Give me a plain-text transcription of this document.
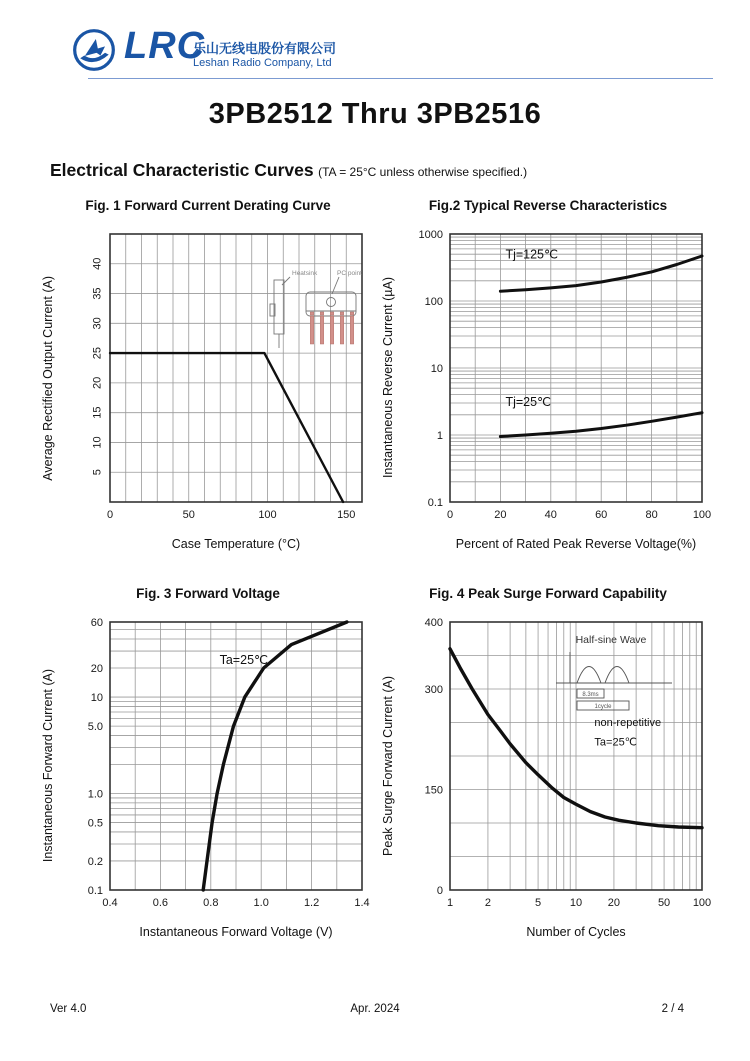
LRC
乐山无线电股份有限公司
Leshan Radio Company, Ltd
3PB2512 Thru 3PB2516
Electrical Characteristic Curves (TA = 25°C unless otherwise specified.)
Fig. 1 Forward Current Derating Curve
Average Rectified Output Current (A)
0	50	100	150
5
10
15
20
25
30
35
40
Heatsink	PC point
Case Temperature (°C)
Fig.2 Typical Reverse Characteristics
Instantaneous Reverse Current (µA)
0	20	40	60	80	100
1000
100
10
1
0.1
Tj=125℃
Tj=25℃
Percent of Rated Peak Reverse Voltage(%)
Fig. 3 Forward Voltage
Instantaneous Forward Current (A)
0.4	0.6	0.8	1.0	1.2	1.4
60
20
10
5.0
1.0
0.5
0.2
0.1
Ta=25℃
Instantaneous Forward Voltage (V)
Fig. 4 Peak Surge Forward Capability
Peak Surge Forward Current (A)
1	2	5	10 20	50 100
400
300
150
0
non-repetitive
Ta=25℃
Half-sine Wave
8.3ms
1cycle
Number of Cycles
Ver 4.0	Apr. 2024	2 / 4
